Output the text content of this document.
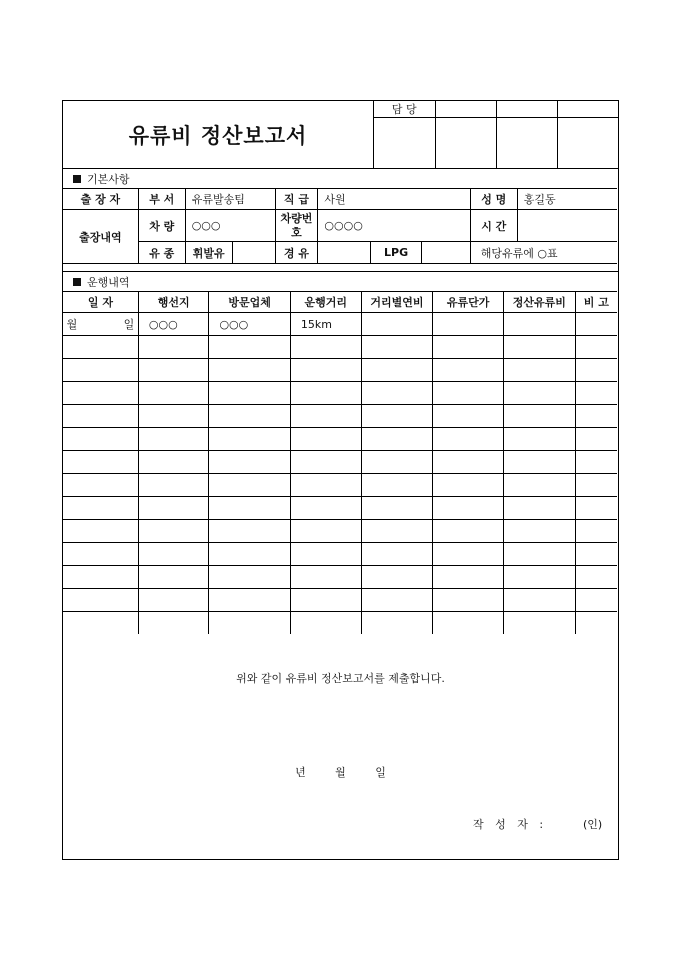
유류비 정산보고서
담 당			

기본사항
출 장 자	부 서	유류발송팀	직 급	사원			성 명	홍길동
출장내역	차 량	○○○	차량번호	○○○○			시 간	
	유 종	휘발유	경 유		LPG		해당유류에 ○표	
운행내역
일 자	행선지	방문업체	운행거리	거리별연비	유류단가	정산유류비	비 고
월   일	○○○	○○○	15km				

위와 같이 유류비 정산보고서를 제출합니다.
년 월 일
작 성 자 :	(인)
